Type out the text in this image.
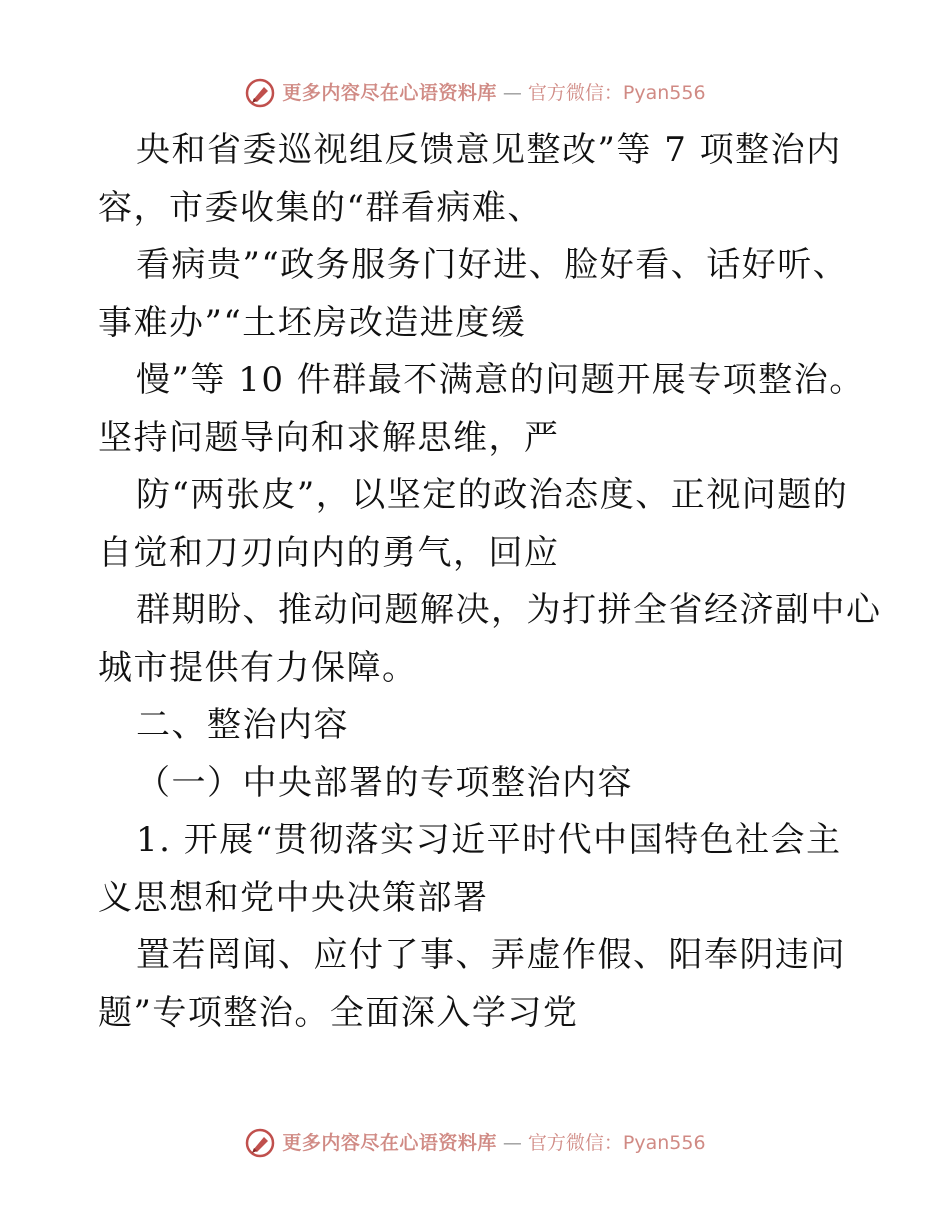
更多内容尽在心语资料库 — 官方微信：Pyan556
央和省委巡视组反馈意见整改”等 7 项整治内
容，市委收集的“群看病难、
看病贵”“政务服务门好进、脸好看、话好听、
事难办”“土坯房改造进度缓
慢”等 10 件群最不满意的问题开展专项整治。
坚持问题导向和求解思维，严
防“两张皮”，以坚定的政治态度、正视问题的
自觉和刀刃向内的勇气，回应
群期盼、推动问题解决，为打拼全省经济副中心
城市提供有力保障。
二、整治内容
（一）中央部署的专项整治内容
1. 开展“贯彻落实习近平时代中国特色社会主
义思想和党中央决策部署
置若罔闻、应付了事、弄虚作假、阳奉阴违问
题”专项整治。全面深入学习党
更多内容尽在心语资料库 — 官方微信：Pyan556
